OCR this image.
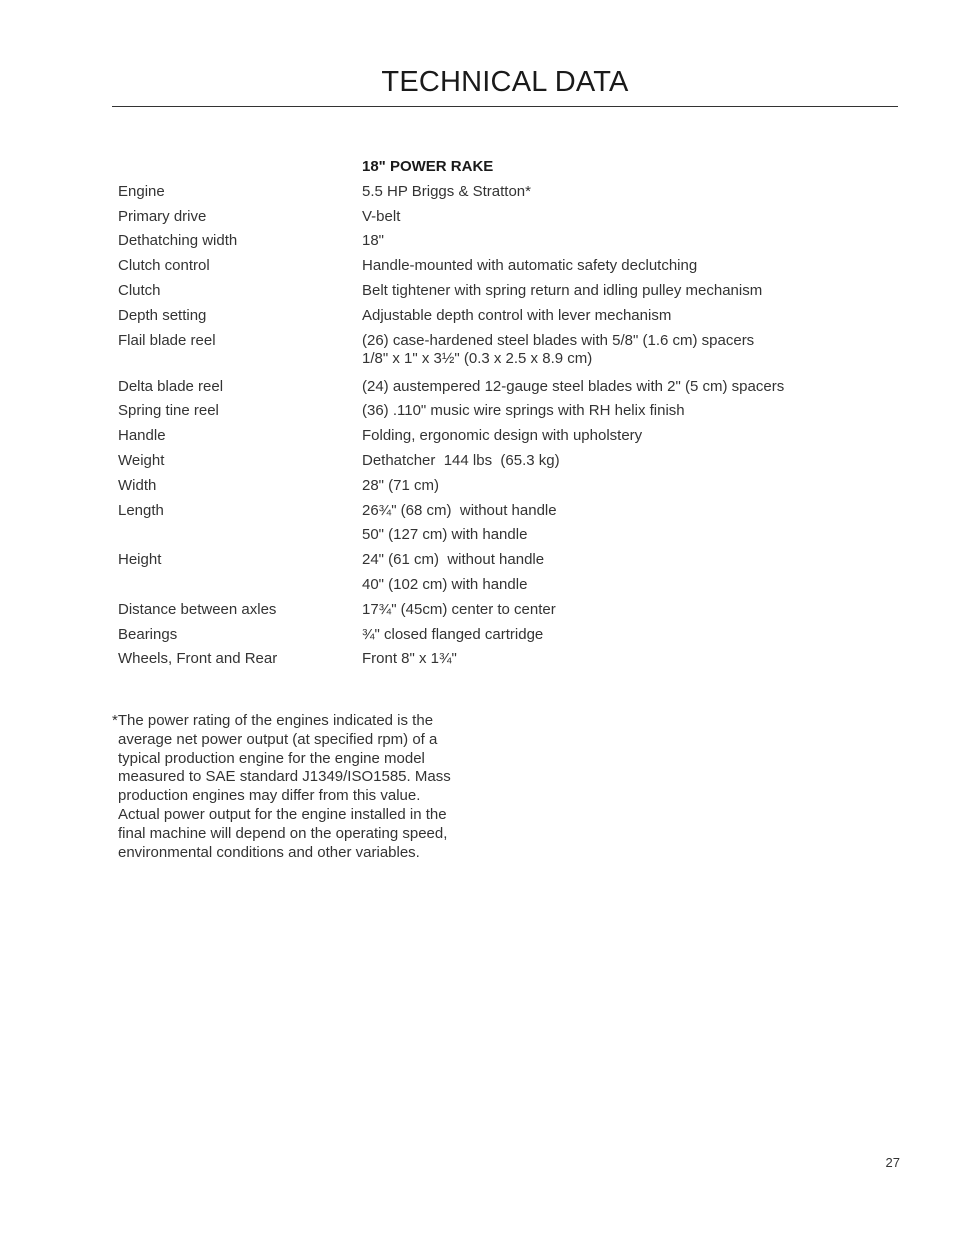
TECHNICAL DATA
18" POWER RAKE
Engine	5.5 HP Briggs & Stratton*
Primary drive	V-belt
Dethatching width	18"
Clutch control	Handle-mounted with automatic safety declutching
Clutch	Belt tightener with spring return and idling pulley mechanism
Depth setting	Adjustable depth control with lever mechanism
Flail blade reel	(26) case-hardened steel blades with 5/8" (1.6 cm) spacers
1/8" x 1" x 3½" (0.3 x 2.5 x 8.9 cm)
Delta blade reel	(24) austempered 12-gauge steel blades with 2" (5 cm) spacers
Spring tine reel	(36) .110" music wire springs with RH helix finish
Handle	Folding, ergonomic design with upholstery
Weight	Dethatcher  144 lbs  (65.3 kg)
Width	28" (71 cm)
Length	26¾" (68 cm)  without handle
50" (127 cm) with handle
Height	24" (61 cm)  without handle
40" (102 cm) with handle
Distance between axles	17¾" (45cm) center to center
Bearings	¾" closed flanged cartridge
Wheels, Front and Rear	Front 8" x 1¾"
*The power rating of the engines indicated is the
average net power output (at specified rpm) of a
typical production engine for the engine model
measured to SAE standard J1349/ISO1585. Mass
production engines may differ from this value.
Actual power output for the engine installed in the
final machine will depend on the operating speed,
environmental conditions and other variables.
27
